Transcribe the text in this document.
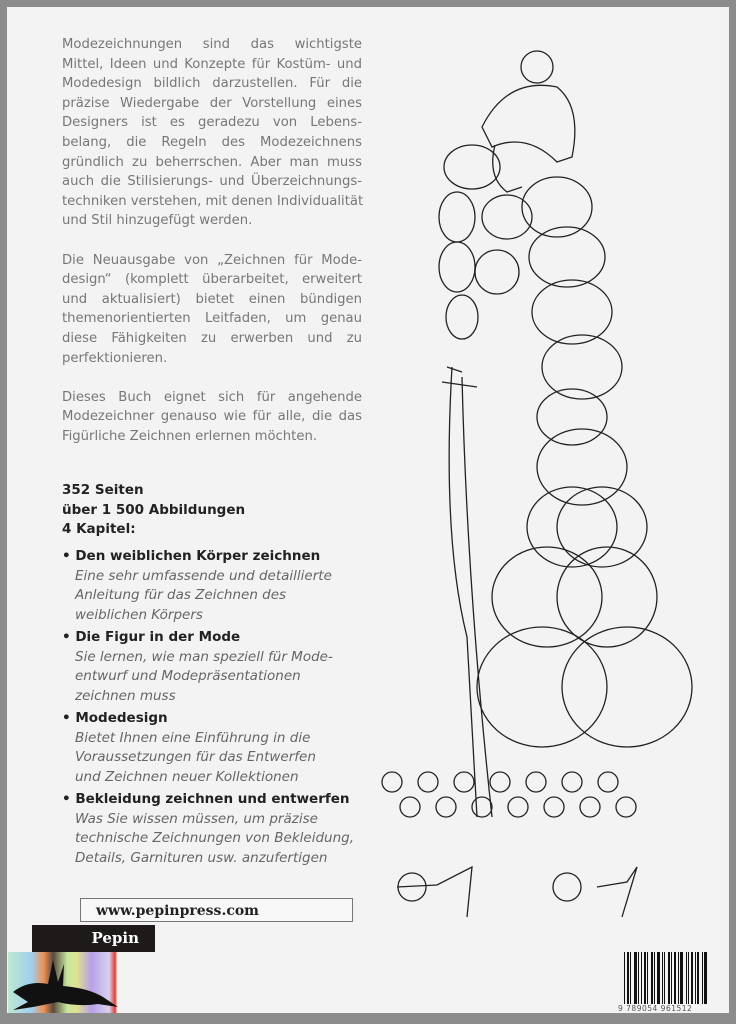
Modezeichnungen sind das wichtigste
Mittel, Ideen und Konzepte für Kostüm- und
Modedesign bildlich darzustellen. Für die
präzise Wiedergabe der Vorstellung eines
Designers ist es geradezu von Lebens-
belang, die Regeln des Modezeichnens
gründlich zu beherrschen. Aber man muss
auch die Stilisierungs- und Überzeichnungs-
techniken verstehen, mit denen Individualität
und Stil hinzugefügt werden.
Die Neuausgabe von „Zeichnen für Mode-
design“ (komplett überarbeitet, erweitert
und aktualisiert) bietet einen bündigen
themenorientierten Leitfaden, um genau
diese Fähigkeiten zu erwerben und zu
perfektionieren.
Dieses Buch eignet sich für angehende
Modezeichner genauso wie für alle, die das
Figürliche Zeichnen erlernen möchten.
352 Seiten
über 1 500 Abbildungen
4 Kapitel:
• Den weiblichen Körper zeichnen
Eine sehr umfassende und detaillierte
Anleitung für das Zeichnen des
weiblichen Körpers
• Die Figur in der Mode
Sie lernen, wie man speziell für Mode-
entwurf und Modepräsentationen
zeichnen muss
• Modedesign
Bietet Ihnen eine Einführung in die
Voraussetzungen für das Entwerfen
und Zeichnen neuer Kollektionen
• Bekleidung zeichnen und entwerfen
Was Sie wissen müssen, um präzise
technische Zeichnungen von Bekleidung,
Details, Garnituren usw. anzufertigen
www.pepinpress.com
Pepin
9 789054 961512
